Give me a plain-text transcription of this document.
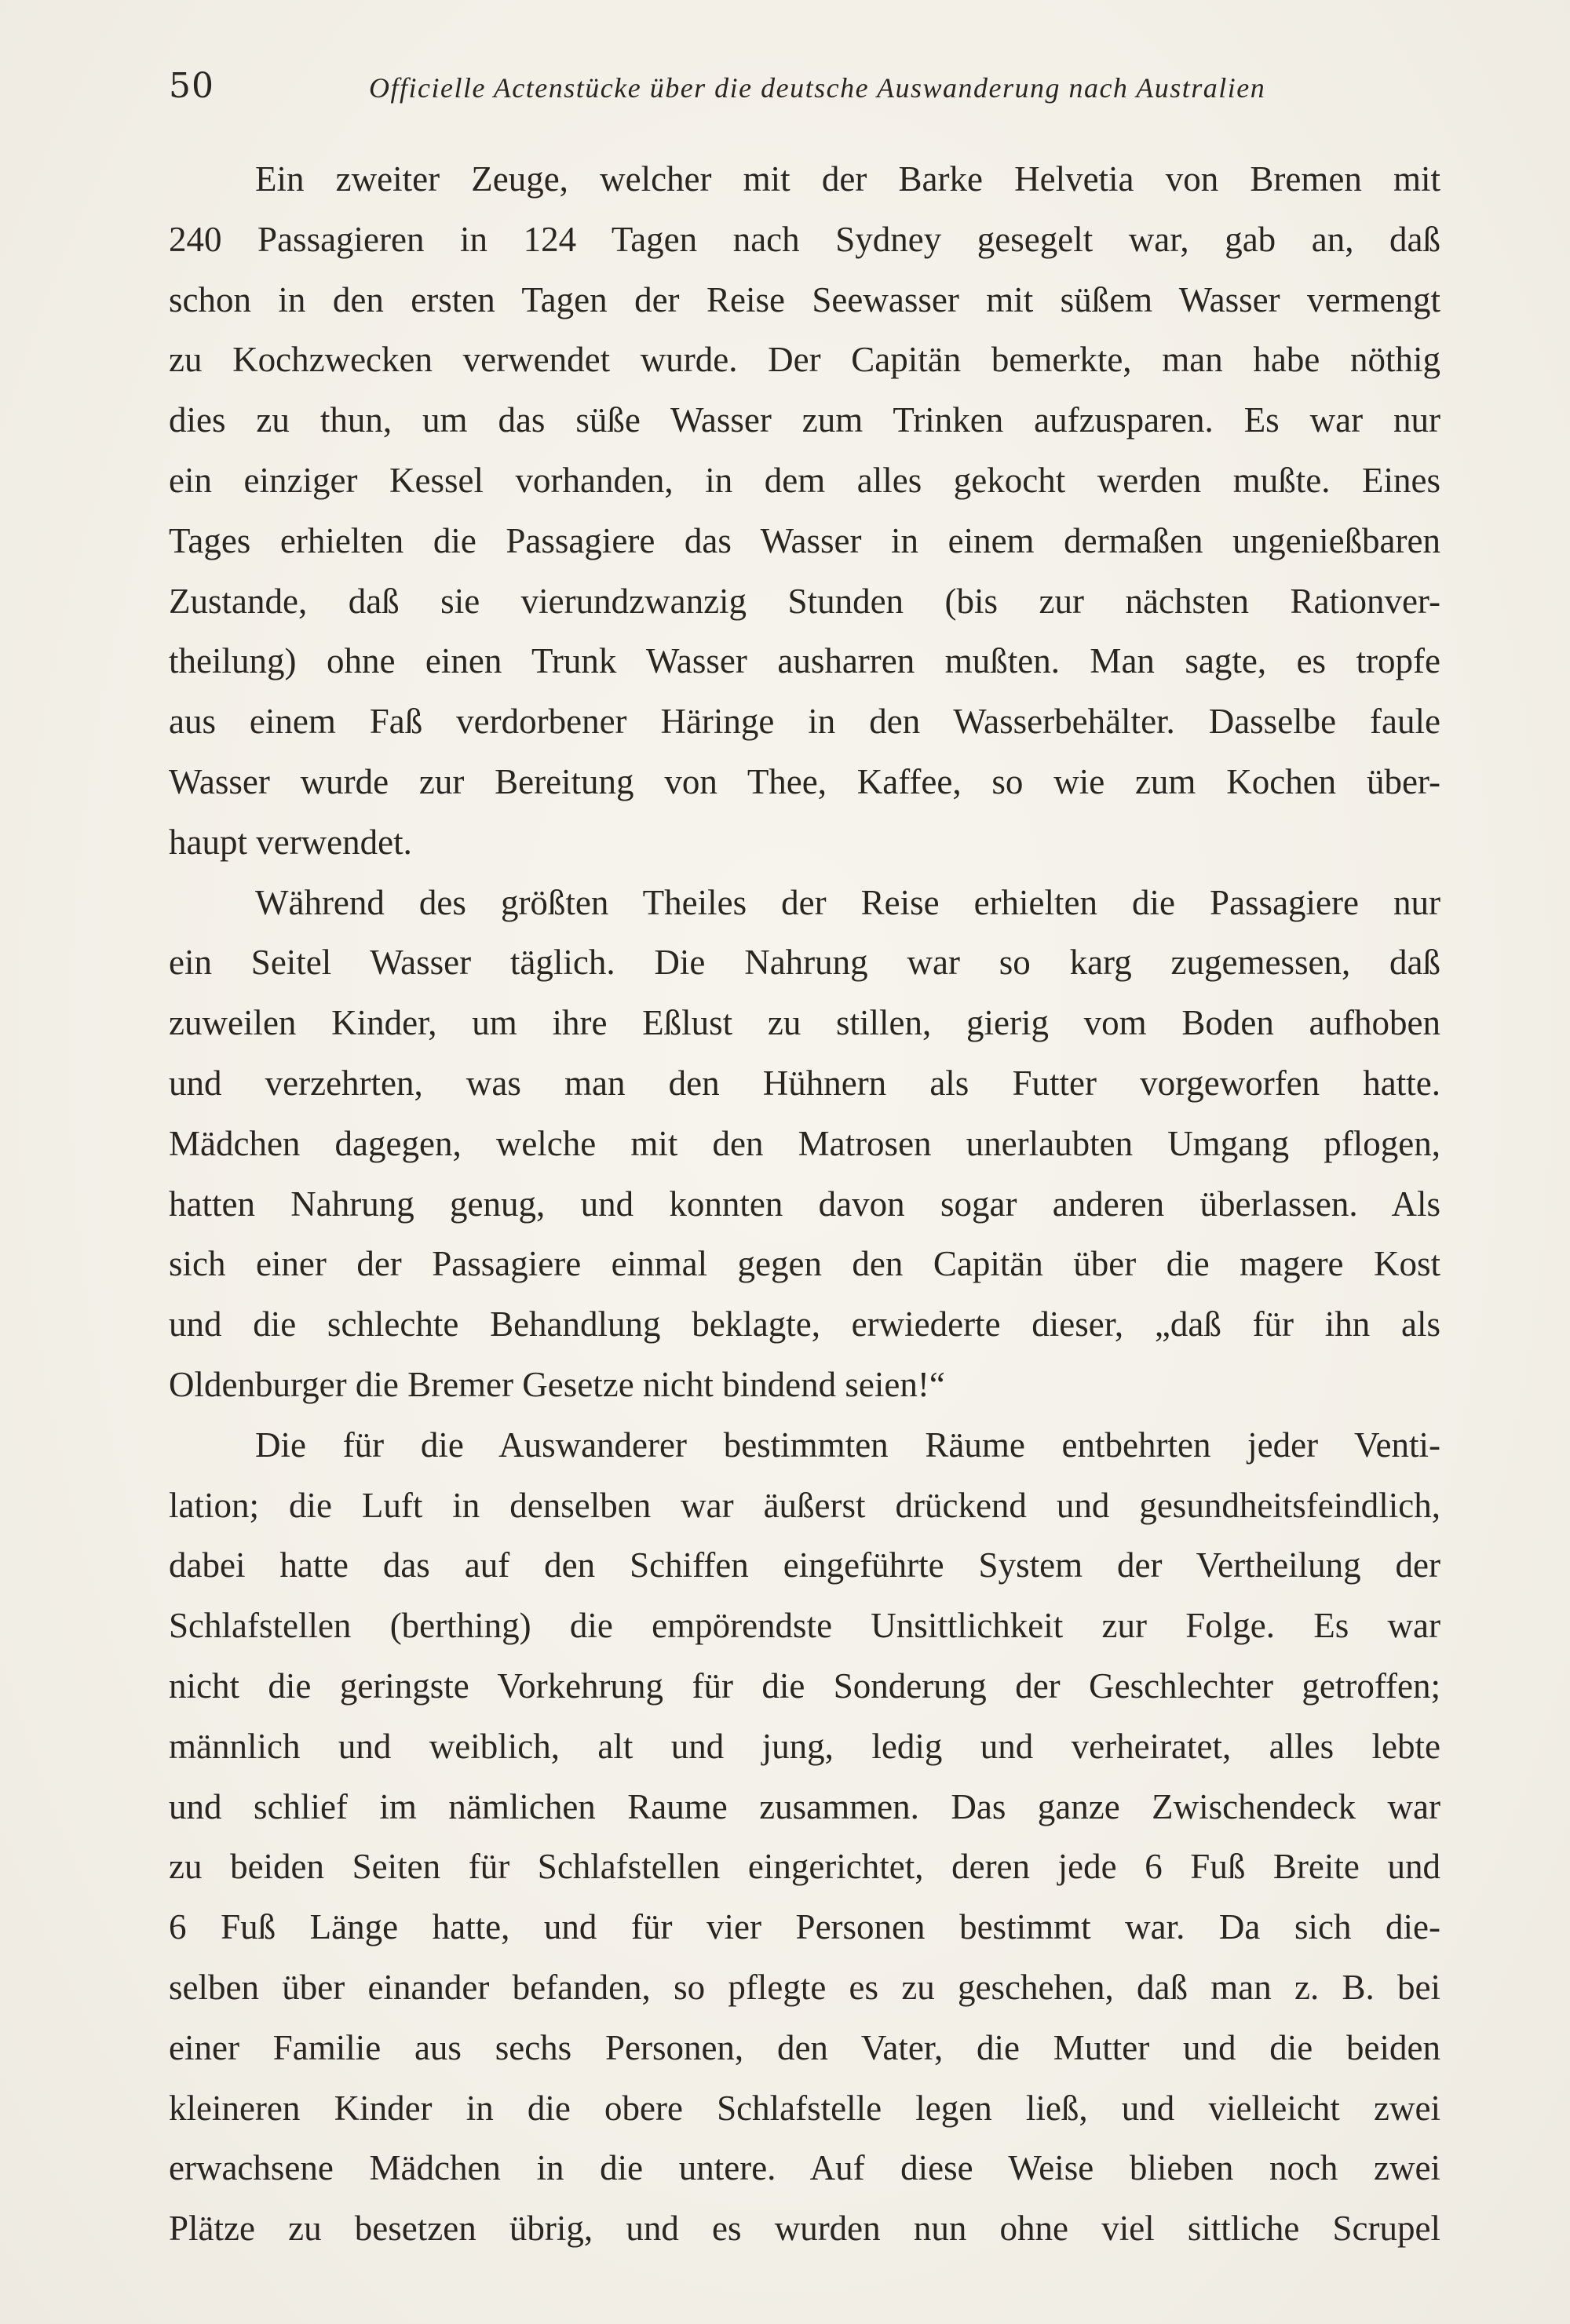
50	Officielle Actenstücke über die deutsche Auswanderung nach Australien
Ein zweiter Zeuge, welcher mit der Barke Helvetia von Bremen mit
240 Passagieren in 124 Tagen nach Sydney gesegelt war, gab an, daß
schon in den ersten Tagen der Reise Seewasser mit süßem Wasser vermengt
zu Kochzwecken verwendet wurde. Der Capitän bemerkte, man habe nöthig
dies zu thun, um das süße Wasser zum Trinken aufzusparen. Es war nur
ein einziger Kessel vorhanden, in dem alles gekocht werden mußte. Eines
Tages erhielten die Passagiere das Wasser in einem dermaßen ungenießbaren
Zustande, daß sie vierundzwanzig Stunden (bis zur nächsten Rationver-
theilung) ohne einen Trunk Wasser ausharren mußten. Man sagte, es tropfe
aus einem Faß verdorbener Häringe in den Wasserbehälter. Dasselbe faule
Wasser wurde zur Bereitung von Thee, Kaffee, so wie zum Kochen über-
haupt verwendet.
Während des größten Theiles der Reise erhielten die Passagiere nur
ein Seitel Wasser täglich. Die Nahrung war so karg zugemessen, daß
zuweilen Kinder, um ihre Eßlust zu stillen, gierig vom Boden aufhoben
und verzehrten, was man den Hühnern als Futter vorgeworfen hatte.
Mädchen dagegen, welche mit den Matrosen unerlaubten Umgang pflogen,
hatten Nahrung genug, und konnten davon sogar anderen überlassen. Als
sich einer der Passagiere einmal gegen den Capitän über die magere Kost
und die schlechte Behandlung beklagte, erwiederte dieser, „daß für ihn als
Oldenburger die Bremer Gesetze nicht bindend seien!“
Die für die Auswanderer bestimmten Räume entbehrten jeder Venti-
lation; die Luft in denselben war äußerst drückend und gesundheitsfeindlich,
dabei hatte das auf den Schiffen eingeführte System der Vertheilung der
Schlafstellen (berthing) die empörendste Unsittlichkeit zur Folge. Es war
nicht die geringste Vorkehrung für die Sonderung der Geschlechter getroffen;
männlich und weiblich, alt und jung, ledig und verheiratet, alles lebte
und schlief im nämlichen Raume zusammen. Das ganze Zwischendeck war
zu beiden Seiten für Schlafstellen eingerichtet, deren jede 6 Fuß Breite und
6 Fuß Länge hatte, und für vier Personen bestimmt war. Da sich die-
selben über einander befanden, so pflegte es zu geschehen, daß man z. B. bei
einer Familie aus sechs Personen, den Vater, die Mutter und die beiden
kleineren Kinder in die obere Schlafstelle legen ließ, und vielleicht zwei
erwachsene Mädchen in die untere. Auf diese Weise blieben noch zwei
Plätze zu besetzen übrig, und es wurden nun ohne viel sittliche Scrupel
